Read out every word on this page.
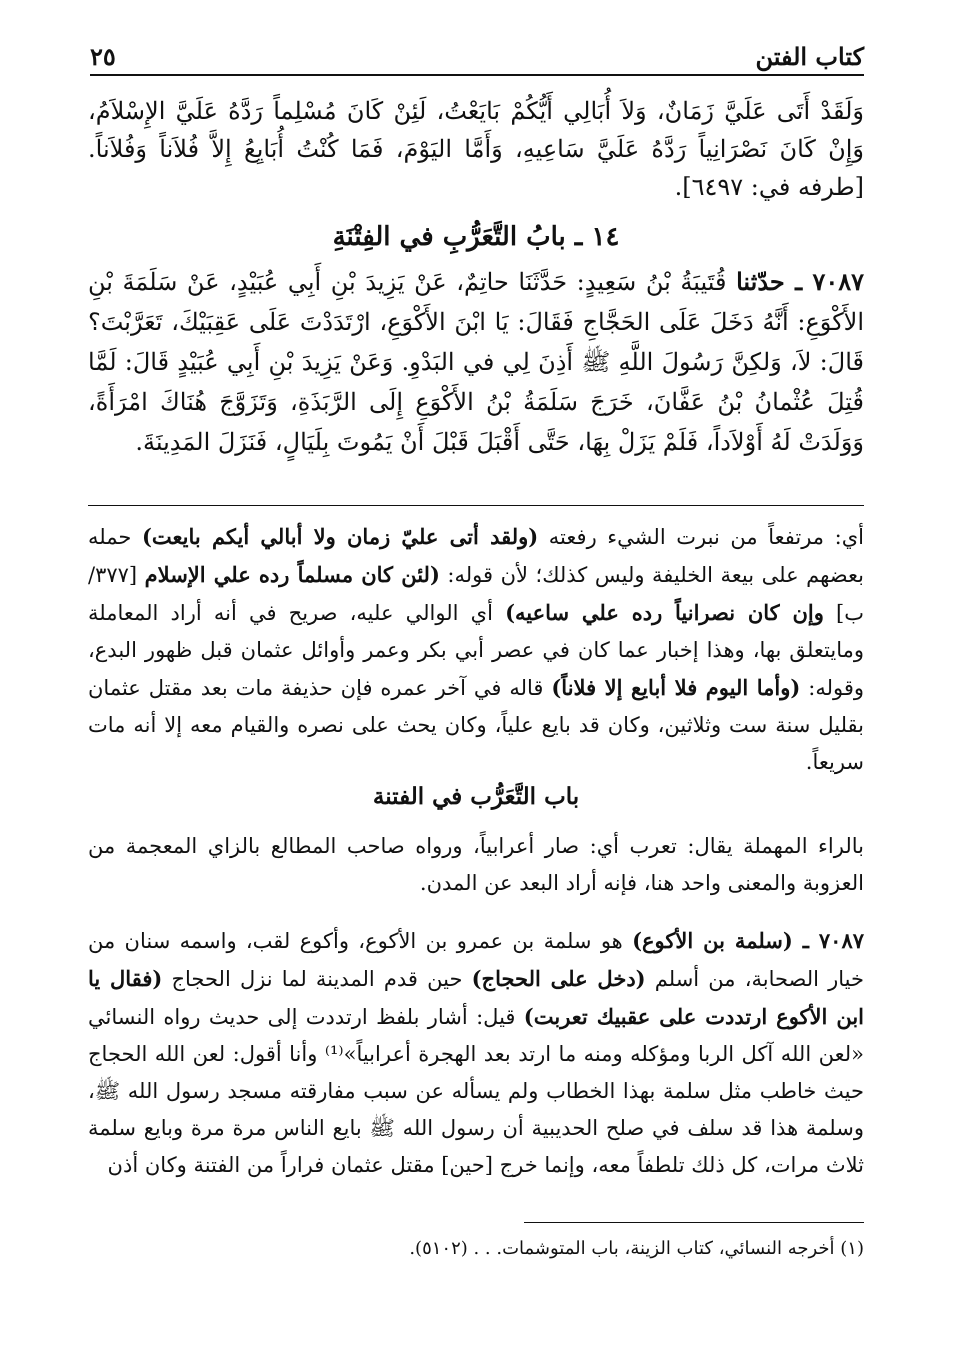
كتاب الفتن
٢٥

وَلَقَدْ أَتَى عَلَيَّ زَمَانٌ، وَلاَ أُبَالِي أَيُّكُمْ بَايَعْتُ، لَئِنْ كَانَ مُسْلِماً رَدَّهُ عَلَيَّ الإِسْلاَمُ، وَإِنْ كَانَ نَصْرَانِياً رَدَّهُ عَلَيَّ سَاعِيهِ، وَأَمَّا اليَوْمَ، فَمَا كُنْتُ أُبَايِعُ إِلاَّ فُلاَناً وَفُلاَناً. [طرفه في: ٦٤٩٧].

١٤ ـ بابُ التَّعَرُّبِ في الفِتْنَةِ

٧٠٨٧ ـ حدّثنا قُتَيبَةُ بْنُ سَعِيدٍ: حَدَّثَنَا حاتِمٌ، عَنْ يَزِيدَ بْنِ أَبِي عُبَيْدٍ، عَنْ سَلَمَةَ بْنِ الأَكْوَعِ: أَنَّهُ دَخَلَ عَلَى الحَجَّاجِ فَقَالَ: يَا ابْنَ الأَكْوَعِ، ارْتَدَدْتَ عَلَى عَقِبَيْكَ، تَعَرَّبْتَ؟ قَالَ: لاَ، وَلكِنَّ رَسُولَ اللَّهِ ﷺ أَذِنَ لِي في البَدْوِ. وَعَنْ يَزِيدَ بْنِ أَبِي عُبَيْدٍ قَالَ: لَمَّا قُتِلَ عُثْمانُ بْنُ عَفَّانَ، خَرَجَ سَلَمَةُ بْنُ الأَكْوَعِ إِلَى الرَّبَذَةِ، وَتَزَوَّجَ هُنَاكَ امْرَأَةً، وَوَلَدَتْ لَهُ أَوْلاَداً، فَلَمْ يَزَلْ بِهَا، حَتَّى أَقْبَلَ قَبْلَ أَنْ يَمُوتَ بِلَيَالٍ، فَنَزَلَ المَدِينَةَ.

أي: مرتفعاً من نبرت الشيء رفعته (ولقد أتى عليّ زمان ولا أبالي أيكم بايعت) حمله بعضهم على بيعة الخليفة وليس كذلك؛ لأن قوله: (لئن كان مسلماً رده علي الإسلام [٣٧٧/ب] وإن كان نصرانياً رده علي ساعيه) أي الوالي عليه، صريح في أنه أراد المعاملة ومايتعلق بها، وهذا إخبار عما كان في عصر أبي بكر وعمر وأوائل عثمان قبل ظهور البدع، وقوله: (وأما اليوم فلا أبايع إلا فلاناً) قاله في آخر عمره فإن حذيفة مات بعد مقتل عثمان بقليل سنة ست وثلاثين، وكان قد بايع علياً، وكان يحث على نصره والقيام معه إلا أنه مات سريعاً.

باب التَّعَرُّب في الفتنة

بالراء المهملة يقال: تعرب أي: صار أعرابياً، ورواه صاحب المطالع بالزاي المعجمة من العزوبة والمعنى واحد هنا، فإنه أراد البعد عن المدن.

٧٠٨٧ ـ (سلمة بن الأكوع) هو سلمة بن عمرو بن الأكوع، وأكوع لقب، واسمه سنان من خيار الصحابة، من أسلم (دخل على الحجاج) حين قدم المدينة لما نزل الحجاج (فقال يا ابن الأكوع ارتددت على عقبيك تعربت) قيل: أشار بلفظ ارتددت إلى حديث رواه النسائي «لعن الله آكل الربا ومؤكله ومنه ما ارتد بعد الهجرة أعرابياً»⁽¹⁾ وأنا أقول: لعن الله الحجاج حيث خاطب مثل سلمة بهذا الخطاب ولم يسأله عن سبب مفارقته مسجد رسول الله ﷺ، وسلمة هذا قد سلف في صلح الحديبية أن رسول الله ﷺ بايع الناس مرة مرة وبايع سلمة ثلاث مرات، كل ذلك تلطفاً معه، وإنما خرج [حين] مقتل عثمان فراراً من الفتنة وكان أذن

(١) أخرجه النسائي، كتاب الزينة، باب المتوشمات. . . (٥١٠٢).
